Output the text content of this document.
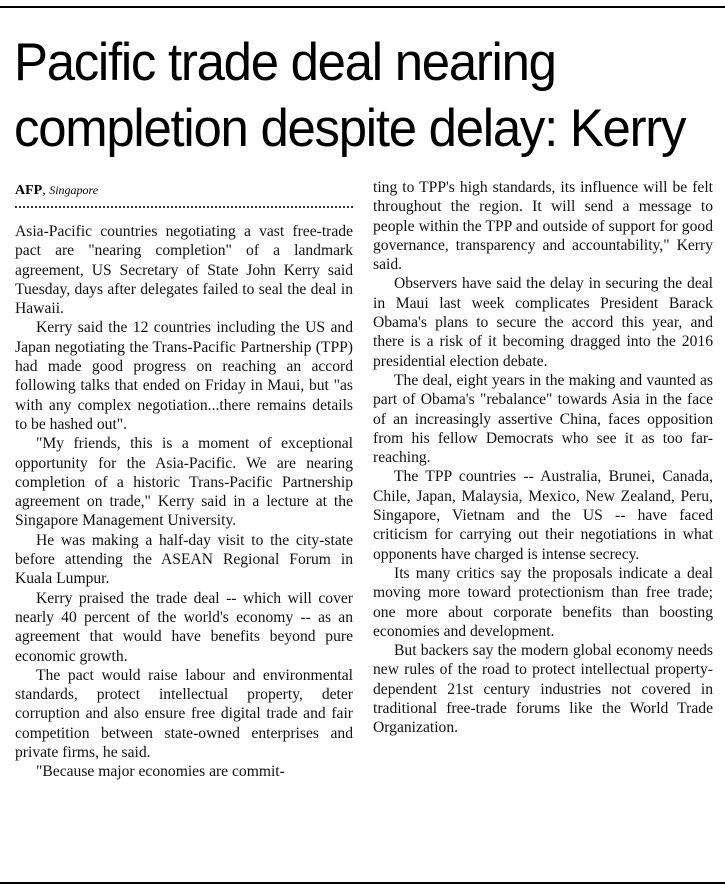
Pacific trade deal nearing completion despite delay: Kerry
AFP, Singapore

Asia-Pacific countries negotiating a vast free-trade pact are "nearing completion" of a landmark agreement, US Secretary of State John Kerry said Tuesday, days after delegates failed to seal the deal in Hawaii.

Kerry said the 12 countries including the US and Japan negotiating the Trans-Pacific Partnership (TPP) had made good progress on reaching an accord following talks that ended on Friday in Maui, but "as with any complex negotiation...there remains details to be hashed out".

"My friends, this is a moment of exceptional opportunity for the Asia-Pacific. We are nearing completion of a historic Trans-Pacific Partnership agreement on trade," Kerry said in a lecture at the Singapore Management University.

He was making a half-day visit to the city-state before attending the ASEAN Regional Forum in Kuala Lumpur.

Kerry praised the trade deal -- which will cover nearly 40 percent of the world's economy -- as an agreement that would have benefits beyond pure economic growth.

The pact would raise labour and environmental standards, protect intellectual property, deter corruption and also ensure free digital trade and fair competition between state-owned enterprises and private firms, he said.

"Because major economies are commit-

ting to TPP's high standards, its influence will be felt throughout the region. It will send a message to people within the TPP and outside of support for good governance, transparency and accountability," Kerry said.

Observers have said the delay in securing the deal in Maui last week complicates President Barack Obama's plans to secure the accord this year, and there is a risk of it becoming dragged into the 2016 presidential election debate.

The deal, eight years in the making and vaunted as part of Obama's "rebalance" towards Asia in the face of an increasingly assertive China, faces opposition from his fellow Democrats who see it as too far-reaching.

The TPP countries -- Australia, Brunei, Canada, Chile, Japan, Malaysia, Mexico, New Zealand, Peru, Singapore, Vietnam and the US -- have faced criticism for carrying out their negotiations in what opponents have charged is intense secrecy.

Its many critics say the proposals indicate a deal moving more toward protectionism than free trade; one more about corporate benefits than boosting economies and development.

But backers say the modern global economy needs new rules of the road to protect intellectual property-dependent 21st century industries not covered in traditional free-trade forums like the World Trade Organization.
